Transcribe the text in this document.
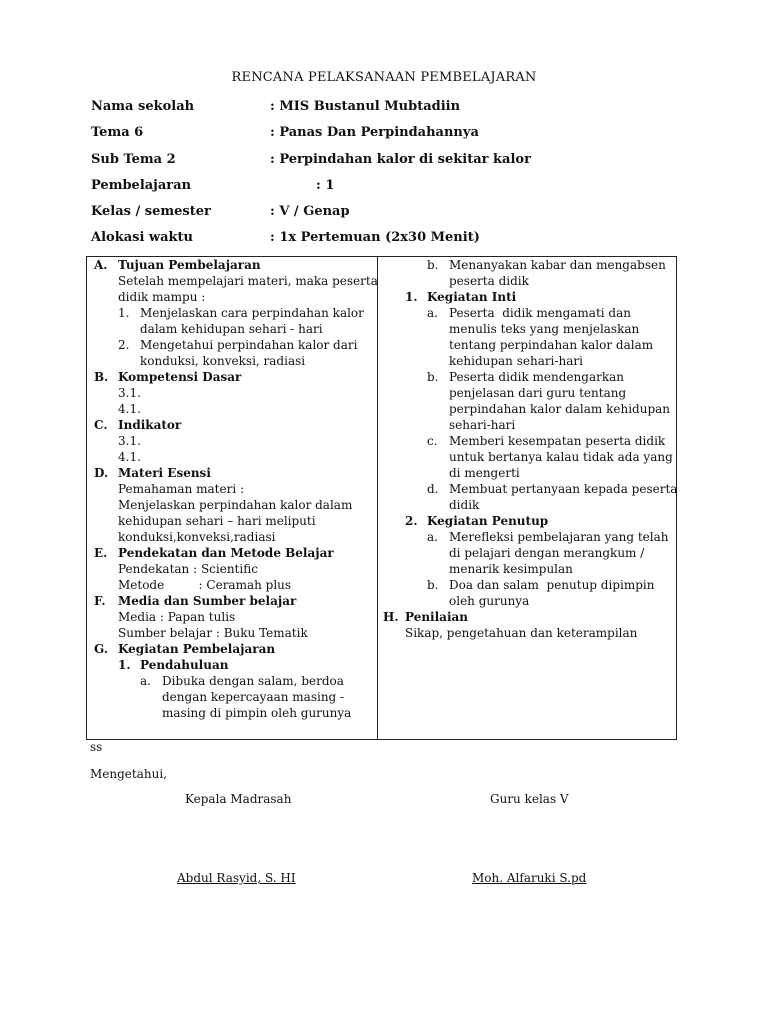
RENCANA PELAKSANAAN PEMBELAJARAN
Nama sekolah	: MIS Bustanul Mubtadiin
Tema 6	: Panas Dan Perpindahannya
Sub Tema 2	: Perpindahan kalor di sekitar kalor
Pembelajaran	: 1
Kelas / semester	: V / Genap
Alokasi waktu	: 1x Pertemuan (2x30 Menit)
A. Tujuan Pembelajaran
Setelah mempelajari materi, maka peserta
didik mampu :
1. Menjelaskan cara perpindahan kalor
dalam kehidupan sehari - hari
2. Mengetahui perpindahan kalor dari
konduksi, konveksi, radiasi
B. Kompetensi Dasar
3.1.
4.1.
C. Indikator
3.1.
4.1.
D. Materi Esensi
Pemahaman materi :
Menjelaskan perpindahan kalor dalam
kehidupan sehari – hari meliputi
konduksi,konveksi,radiasi
E. Pendekatan dan Metode Belajar
Pendekatan : Scientific
Metode         : Ceramah plus
F. Media dan Sumber belajar
Media : Papan tulis
Sumber belajar : Buku Tematik
G. Kegiatan Pembelajaran
1. Pendahuluan
a. Dibuka dengan salam, berdoa
dengan kepercayaan masing -
masing di pimpin oleh gurunya
b. Menanyakan kabar dan mengabsen
peserta didik
1. Kegiatan Inti
a. Peserta  didik mengamati dan
menulis teks yang menjelaskan
tentang perpindahan kalor dalam
kehidupan sehari-hari
b. Peserta didik mendengarkan
penjelasan dari guru tentang
perpindahan kalor dalam kehidupan
sehari-hari
c. Memberi kesempatan peserta didik
untuk bertanya kalau tidak ada yang
di mengerti
d. Membuat pertanyaan kepada peserta
didik
2. Kegiatan Penutup
a. Merefleksi pembelajaran yang telah
di pelajari dengan merangkum /
menarik kesimpulan
b. Doa dan salam  penutup dipimpin
oleh gurunya
H. Penilaian
Sikap, pengetahuan dan keterampilan
ss
Mengetahui,
Kepala Madrasah	Guru kelas V
Abdul Rasyid, S. HI	Moh. Alfaruki S.pd
